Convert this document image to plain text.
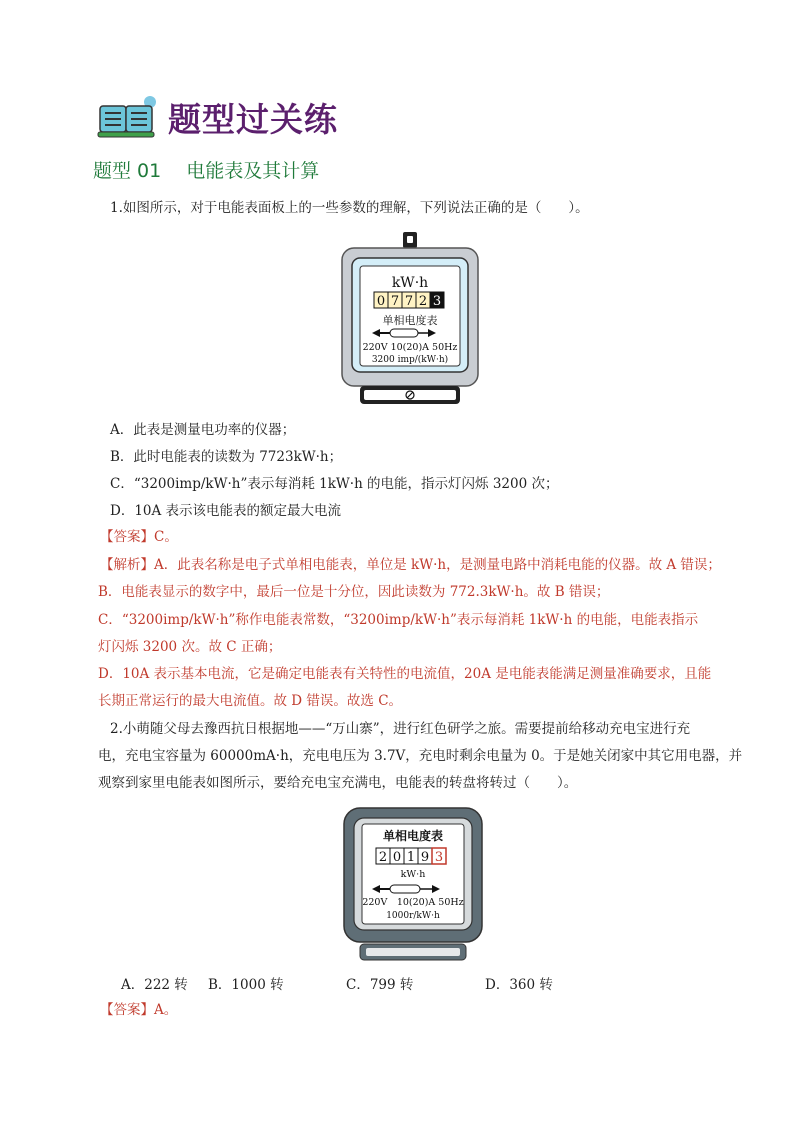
题型过关练
题型 01　 电能表及其计算
1.如图所示，对于电能表面板上的一些参数的理解，下列说法正确的是（　　）。
kW·h
0 7 7 2 3
单相电度表
220V 10(20)A 50Hz
3200 imp/(kW·h)
A．此表是测量电功率的仪器；
B．此时电能表的读数为 7723kW·h；
C．“3200imp/kW·h”表示每消耗 1kW·h 的电能，指示灯闪烁 3200 次；
D．10A 表示该电能表的额定最大电流
【答案】C。
【解析】A．此表名称是电子式单相电能表，单位是 kW·h，是测量电路中消耗电能的仪器。故 A 错误；
B．电能表显示的数字中，最后一位是十分位，因此读数为 772.3kW·h。故 B 错误；
C．“3200imp/kW·h”称作电能表常数，“3200imp/kW·h”表示每消耗 1kW·h 的电能，电能表指示
灯闪烁 3200 次。故 C 正确；
D．10A 表示基本电流，它是确定电能表有关特性的电流值，20A 是电能表能满足测量准确要求，且能
长期正常运行的最大电流值。故 D 错误。故选 C。
2.小萌随父母去豫西抗日根据地——“万山寨”，进行红色研学之旅。需要提前给移动充电宝进行充
电，充电宝容量为 60000mA·h，充电电压为 3.7V，充电时剩余电量为 0。于是她关闭家中其它用电器，并
观察到家里电能表如图所示，要给充电宝充满电，电能表的转盘将转过（　　）。
单相电度表
2 0 1 9 3
kW·h
220V　10(20)A 50Hz
1000r/kW·h
A．222 转 B．1000 转	C．799 转	D．360 转
【答案】A。
